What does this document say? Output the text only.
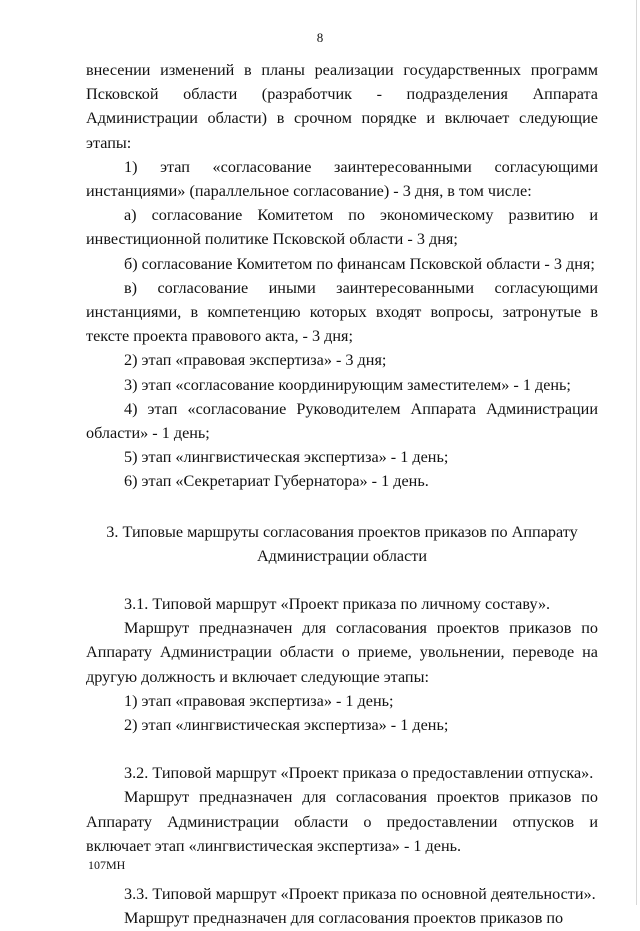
8

внесении изменений в планы реализации государственных программ Псковской области (разработчик - подразделения Аппарата Администрации области) в срочном порядке и включает следующие этапы:

1) этап «согласование заинтересованными согласующими инстанциями» (параллельное согласование) - 3 дня, в том числе:

а) согласование Комитетом по экономическому развитию и инвестиционной политике Псковской области - 3 дня;

б) согласование Комитетом по финансам Псковской области - 3 дня;

в) согласование иными заинтересованными согласующими инстанциями, в компетенцию которых входят вопросы, затронутые в тексте проекта правового акта, - 3 дня;

2) этап «правовая экспертиза» - 3 дня;

3) этап «согласование координирующим заместителем» - 1 день;

4) этап «согласование Руководителем Аппарата Администрации области» - 1 день;

5) этап «лингвистическая экспертиза» - 1 день;

6) этап «Секретариат Губернатора» - 1 день.

3. Типовые маршруты согласования проектов приказов по Аппарату
Администрации области

3.1. Типовой маршрут «Проект приказа по личному составу».

Маршрут предназначен для согласования проектов приказов по Аппарату Администрации области о приеме, увольнении, переводе на другую должность и включает следующие этапы:

1) этап «правовая экспертиза» - 1 день;

2) этап «лингвистическая экспертиза» - 1 день;

3.2. Типовой маршрут «Проект приказа о предоставлении отпуска».

Маршрут предназначен для согласования проектов приказов по Аппарату Администрации области о предоставлении отпусков и включает этап «лингвистическая экспертиза» - 1 день.

3.3. Типовой маршрут «Проект приказа по основной деятельности».

Маршрут предназначен для согласования проектов приказов по

107МН
